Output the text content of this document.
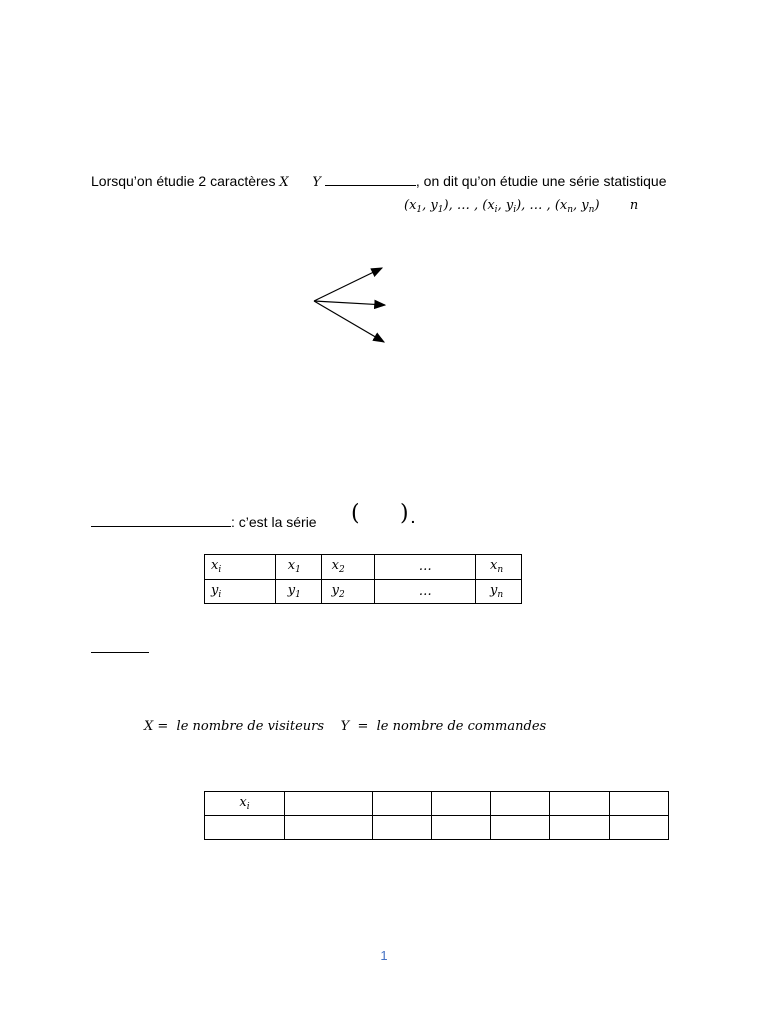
Lorsqu’on étudie 2 caractères X Y	, on dit qu’on étudie une série statistique
($x_1$, $y_1$), … , ($x_i$, $y_i$), … , ($x_n$, $y_n$)  n
: c’est la série ( ) .
$x_i$	$x_1$	$x_2$	…	$x_n$
$y_i$	$y_1$	$y_2$	…	$y_n$
X =  le nombre de visiteurs    Y  =  le nombre de commandes
$x_i$						

1
